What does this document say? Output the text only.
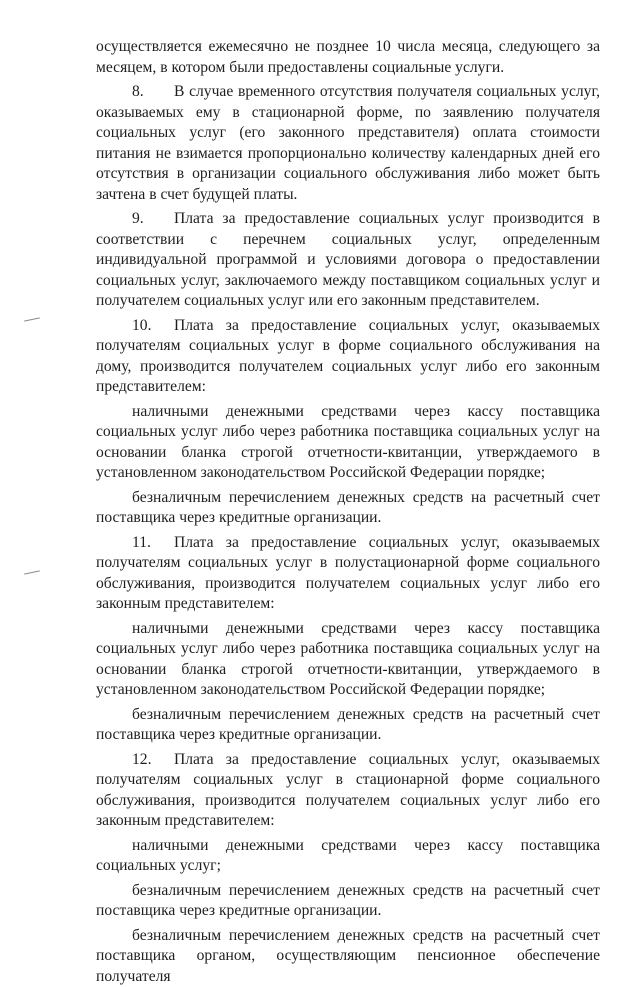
осуществляется ежемесячно не позднее 10 числа месяца, следующего за месяцем, в котором были предоставлены социальные услуги.

8. В случае временного отсутствия получателя социальных услуг, оказываемых ему в стационарной форме, по заявлению получателя социальных услуг (его законного представителя) оплата стоимости питания не взимается пропорционально количеству календарных дней его отсутствия в организации социального обслуживания либо может быть зачтена в счет будущей платы.

9. Плата за предоставление социальных услуг производится в соответствии с перечнем социальных услуг, определенным индивидуальной программой и условиями договора о предоставлении социальных услуг, заключаемого между поставщиком социальных услуг и получателем социальных услуг или его законным представителем.

10. Плата за предоставление социальных услуг, оказываемых получателям социальных услуг в форме социального обслуживания на дому, производится получателем социальных услуг либо его законным представителем:

наличными денежными средствами через кассу поставщика социальных услуг либо через работника поставщика социальных услуг на основании бланка строгой отчетности-квитанции, утверждаемого в установленном законодательством Российской Федерации порядке;

безналичным перечислением денежных средств на расчетный счет поставщика через кредитные организации.

11. Плата за предоставление социальных услуг, оказываемых получателям социальных услуг в полустационарной форме социального обслуживания, производится получателем социальных услуг либо его законным представителем:

наличными денежными средствами через кассу поставщика социальных услуг либо через работника поставщика социальных услуг на основании бланка строгой отчетности-квитанции, утверждаемого в установленном законодательством Российской Федерации порядке;

безналичным перечислением денежных средств на расчетный счет поставщика через кредитные организации.

12. Плата за предоставление социальных услуг, оказываемых получателям социальных услуг в стационарной форме социального обслуживания, производится получателем социальных услуг либо его законным представителем:

наличными денежными средствами через кассу поставщика социальных услуг;

безналичным перечислением денежных средств на расчетный счет поставщика через кредитные организации.

безналичным перечислением денежных средств на расчетный счет поставщика органом, осуществляющим пенсионное обеспечение получателя
